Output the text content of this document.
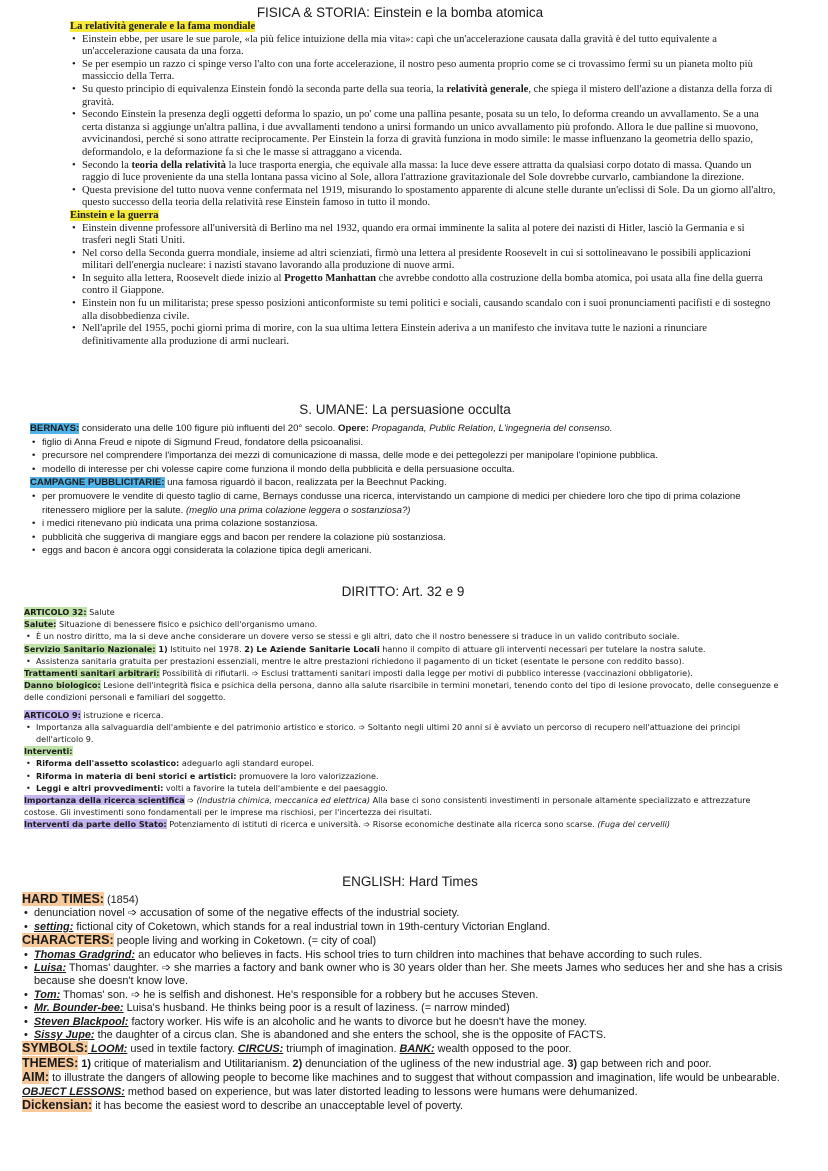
FISICA & STORIA: Einstein e la bomba atomica
La relatività generale e la fama mondiale
• Einstein ebbe, per usare le sue parole, «la più felice intuizione della mia vita»: capì che un'accelerazione causata dalla gravità è del tutto equivalente a un'accelerazione causata da una forza.
• Se per esempio un razzo ci spinge verso l'alto con una forte accelerazione, il nostro peso aumenta proprio come se ci trovassimo fermi su un pianeta molto più massiccio della Terra.
• Su questo principio di equivalenza Einstein fondò la seconda parte della sua teoria, la relatività generale, che spiega il mistero dell'azione a distanza della forza di gravità.
• Secondo Einstein la presenza degli oggetti deforma lo spazio, un po' come una pallina pesante, posata su un telo, lo deforma creando un avvallamento. Se a una certa distanza si aggiunge un'altra pallina, i due avvallamenti tendono a unirsi formando un unico avvallamento più profondo. Allora le due palline si muovono, avvicinandosi, perché si sono attratte reciprocamente. Per Einstein la forza di gravità funziona in modo simile: le masse influenzano la geometria dello spazio, deformandolo, e la deformazione fa sì che le masse si attraggano a vicenda.
• Secondo la teoria della relatività la luce trasporta energia, che equivale alla massa: la luce deve essere attratta da qualsiasi corpo dotato di massa. Quando un raggio di luce proveniente da una stella lontana passa vicino al Sole, allora l'attrazione gravitazionale del Sole dovrebbe curvarlo, cambiandone la direzione.
• Questa previsione del tutto nuova venne confermata nel 1919, misurando lo spostamento apparente di alcune stelle durante un'eclissi di Sole. Da un giorno all'altro, questo successo della teoria della relatività rese Einstein famoso in tutto il mondo.
Einstein e la guerra
• Einstein divenne professore all'università di Berlino ma nel 1932, quando era ormai imminente la salita al potere dei nazisti di Hitler, lasciò la Germania e si trasferì negli Stati Uniti.
• Nel corso della Seconda guerra mondiale, insieme ad altri scienziati, firmò una lettera al presidente Roosevelt in cui si sottolineavano le possibili applicazioni militari dell'energia nucleare: i nazisti stavano lavorando alla produzione di nuove armi.
• In seguito alla lettera, Roosevelt diede inizio al Progetto Manhattan che avrebbe condotto alla costruzione della bomba atomica, poi usata alla fine della guerra contro il Giappone.
• Einstein non fu un militarista; prese spesso posizioni anticonformiste su temi politici e sociali, causando scandalo con i suoi pronunciamenti pacifisti e di sostegno alla disobbedienza civile.
• Nell'aprile del 1955, pochi giorni prima di morire, con la sua ultima lettera Einstein aderiva a un manifesto che invitava tutte le nazioni a rinunciare definitivamente alla produzione di armi nucleari.
S. UMANE: La persuasione occulta
BERNAYS: considerato una delle 100 figure più influenti del 20° secolo. Opere: Propaganda, Public Relation, L'ingegneria del consenso.
• figlio di Anna Freud e nipote di Sigmund Freud, fondatore della psicoanalisi.
• precursore nel comprendere l'importanza dei mezzi di comunicazione di massa, delle mode e dei pettegolezzi per manipolare l'opinione pubblica.
• modello di interesse per chi volesse capire come funziona il mondo della pubblicità e della persuasione occulta.
CAMPAGNE PUBBLICITARIE: una famosa riguardò il bacon, realizzata per la Beechnut Packing.
• per promuovere le vendite di questo taglio di carne, Bernays condusse una ricerca, intervistando un campione di medici per chiedere loro che tipo di prima colazione ritenessero migliore per la salute. (meglio una prima colazione leggera o sostanziosa?)
• i medici ritenevano più indicata una prima colazione sostanziosa.
• pubblicità che suggeriva di mangiare eggs and bacon per rendere la colazione più sostanziosa.
• eggs and bacon è ancora oggi considerata la colazione tipica degli americani.
DIRITTO: Art. 32 e 9
ARTICOLO 32: Salute
Salute: Situazione di benessere fisico e psichico dell'organismo umano.
• È un nostro diritto, ma la si deve anche considerare un dovere verso se stessi e gli altri, dato che il nostro benessere si traduce in un valido contributo sociale.
Servizio Sanitario Nazionale: 1) Istituito nel 1978. 2) Le Aziende Sanitarie Locali hanno il compito di attuare gli interventi necessari per tutelare la nostra salute.
• Assistenza sanitaria gratuita per prestazioni essenziali, mentre le altre prestazioni richiedono il pagamento di un ticket (esentate le persone con reddito basso).
Trattamenti sanitari arbitrari: Possibilità di rifiutarli. ➩ Esclusi trattamenti sanitari imposti dalla legge per motivi di pubblico interesse (vaccinazioni obbligatorie).
Danno biologico: Lesione dell'integrità fisica e psichica della persona, danno alla salute risarcibile in termini monetari, tenendo conto del tipo di lesione provocato, delle conseguenze e delle condizioni personali e familiari del soggetto.
ARTICOLO 9: istruzione e ricerca.
• Importanza alla salvaguardia dell'ambiente e del patrimonio artistico e storico. ➩ Soltanto negli ultimi 20 anni si è avviato un percorso di recupero nell'attuazione dei principi dell'articolo 9.
Interventi:
• Riforma dell'assetto scolastico: adeguarlo agli standard europei.
• Riforma in materia di beni storici e artistici: promuovere la loro valorizzazione.
• Leggi e altri provvedimenti: volti a favorire la tutela dell'ambiente e del paesaggio.
Importanza della ricerca scientifica ➩ (Industria chimica, meccanica ed elettrica) Alla base ci sono consistenti investimenti in personale altamente specializzato e attrezzature costose. Gli investimenti sono fondamentali per le imprese ma rischiosi, per l'incertezza dei risultati.
Interventi da parte dello Stato: Potenziamento di istituti di ricerca e università. ➩ Risorse economiche destinate alla ricerca sono scarse. (Fuga dei cervelli)
ENGLISH: Hard Times
HARD TIMES: (1854)
• denunciation novel ➩ accusation of some of the negative effects of the industrial society.
• setting: fictional city of Coketown, which stands for a real industrial town in 19th-century Victorian England.
CHARACTERS: people living and working in Coketown. (= city of coal)
• Thomas Gradgrind: an educator who believes in facts. His school tries to turn children into machines that behave according to such rules.
• Luisa: Thomas' daughter. ➩ she marries a factory and bank owner who is 30 years older than her. She meets James who seduces her and she has a crisis because she doesn't know love.
• Tom: Thomas' son. ➩ he is selfish and dishonest. He's responsible for a robbery but he accuses Steven.
• Mr. Bounder-bee: Luisa's husband. He thinks being poor is a result of laziness. (= narrow minded)
• Steven Blackpool: factory worker. His wife is an alcoholic and he wants to divorce but he doesn't have the money.
• Sissy Jupe: the daughter of a circus clan. She is abandoned and she enters the school, she is the opposite of FACTS.
SYMBOLS: LOOM: used in textile factory. CIRCUS: triumph of imagination. BANK: wealth opposed to the poor.
THEMES: 1) critique of materialism and Utilitarianism. 2) denunciation of the ugliness of the new industrial age. 3) gap between rich and poor.
AIM: to illustrate the dangers of allowing people to become like machines and to suggest that without compassion and imagination, life would be unbearable. OBJECT LESSONS: method based on experience, but was later distorted leading to lessons were humans were dehumanized.
Dickensian: it has become the easiest word to describe an unacceptable level of poverty.
